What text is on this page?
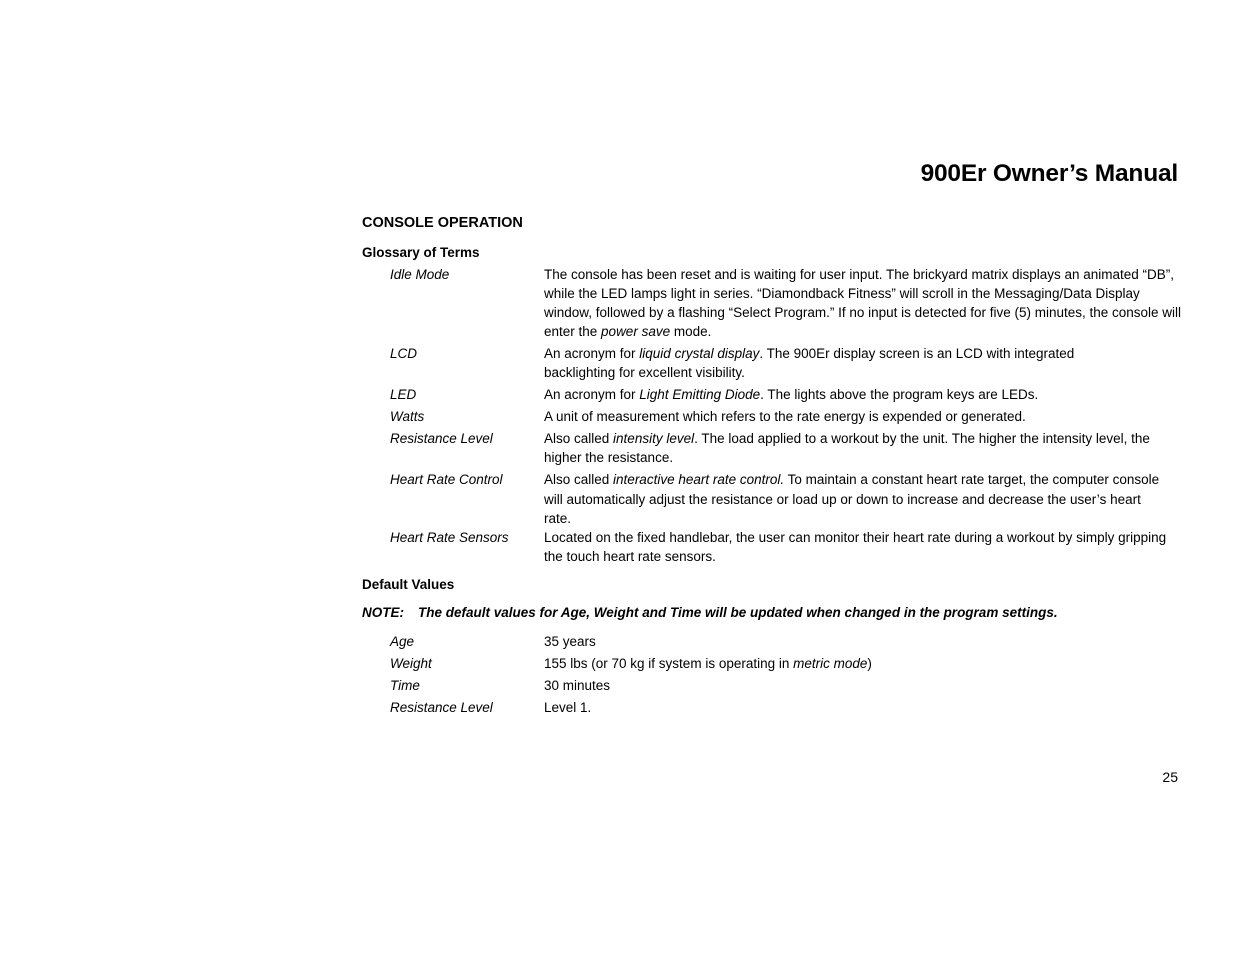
900Er Owner’s Manual
CONSOLE OPERATION
Glossary of Terms
Idle Mode	The console has been reset and is waiting for user input. The brickyard matrix displays an animated “DB”, while the LED lamps light in series. “Diamondback Fitness” will scroll in the Messaging/Data Display window, followed by a flashing “Select Program.” If no input is detected for five (5) minutes, the console will enter the power save mode.
LCD	An acronym for liquid crystal display. The 900Er display screen is an LCD with integrated backlighting for excellent visibility.
LED	An acronym for Light Emitting Diode. The lights above the program keys are LEDs.
Watts	A unit of measurement which refers to the rate energy is expended or generated.
Resistance Level	Also called intensity level. The load applied to a workout by the unit. The higher the intensity level, the higher the resistance.
Heart Rate Control	Also called interactive heart rate control. To maintain a constant heart rate target, the computer console will automatically adjust the resistance or load up or down to increase and decrease the user’s heart rate.
Heart Rate Sensors	Located on the fixed handlebar, the user can monitor their heart rate during a workout by simply gripping the touch heart rate sensors.
Default Values
NOTE: The default values for Age, Weight and Time will be updated when changed in the program settings.
Age	35 years
Weight	155 lbs (or 70 kg if system is operating in metric mode)
Time	30 minutes
Resistance Level	Level 1.
25
